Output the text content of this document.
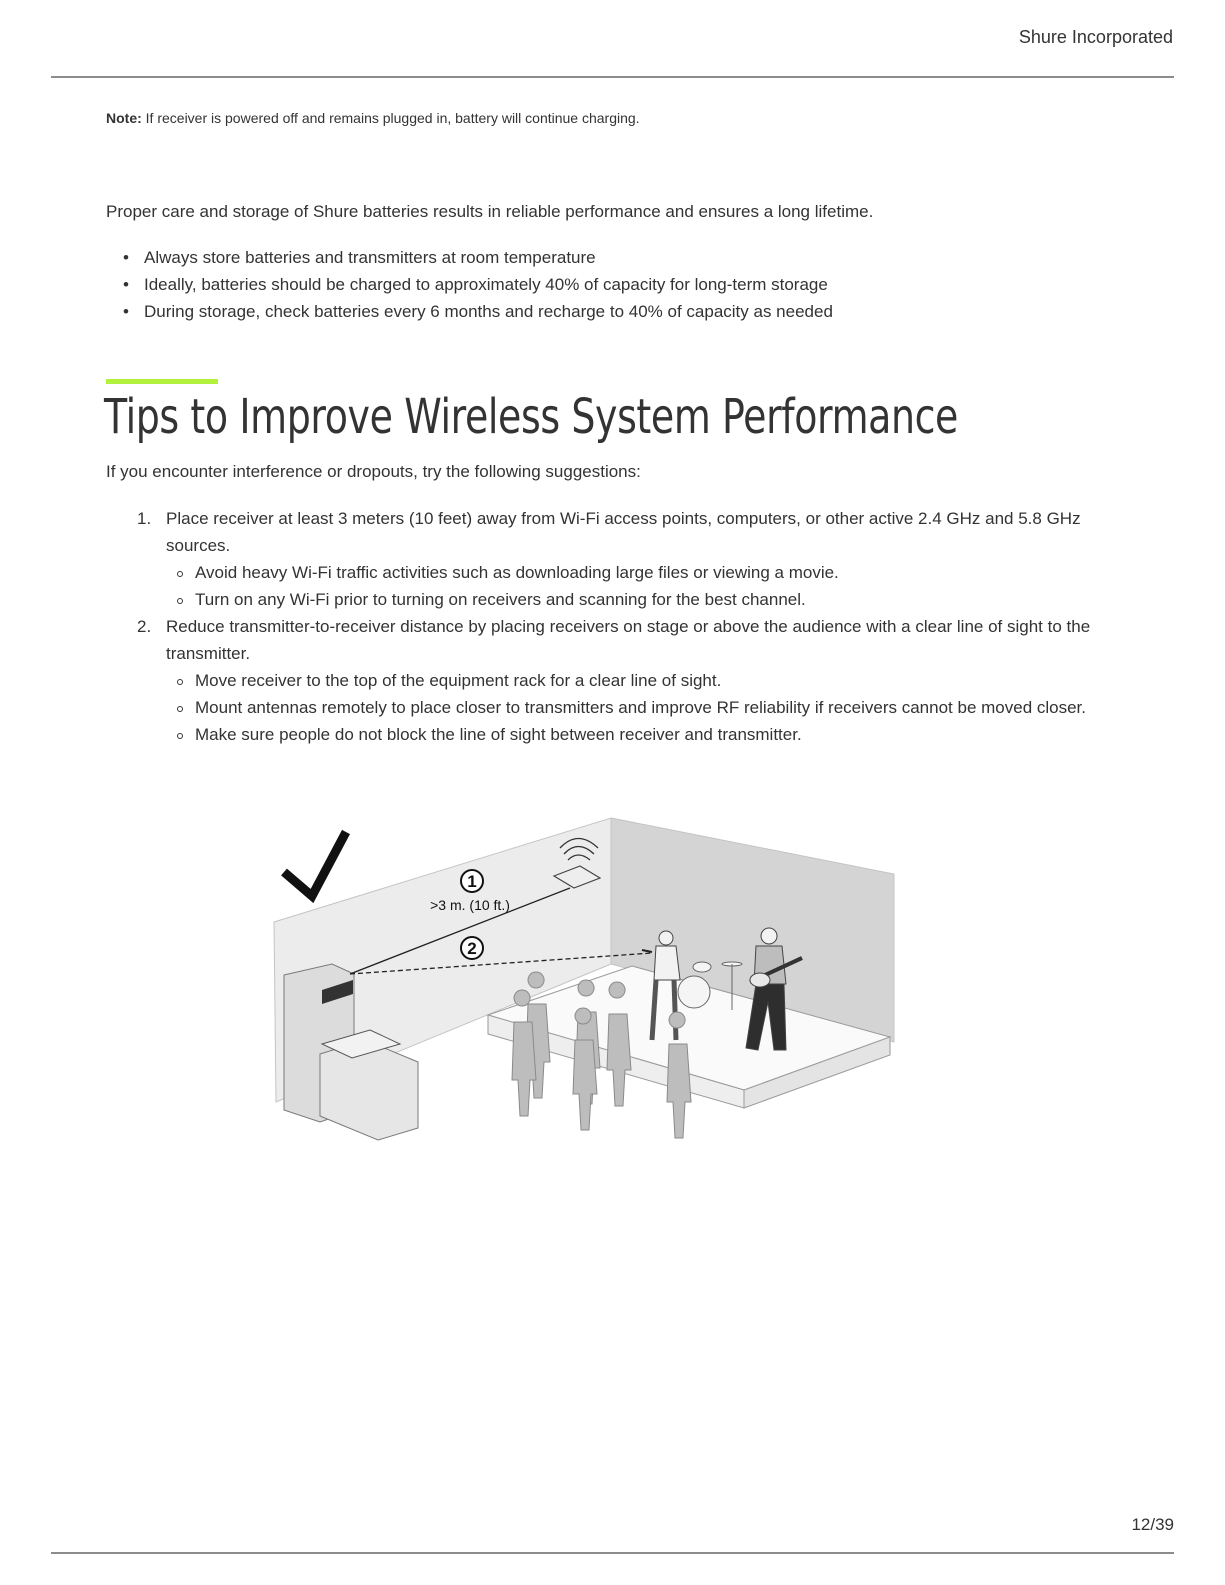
Shure Incorporated
Note: If receiver is powered off and remains plugged in, battery will continue charging.

Proper care and storage of Shure batteries results in reliable performance and ensures a long lifetime.

• Always store batteries and transmitters at room temperature
• Ideally, batteries should be charged to approximately 40% of capacity for long-term storage
• During storage, check batteries every 6 months and recharge to 40% of capacity as needed
Tips to Improve Wireless System Performance

If you encounter interference or dropouts, try the following suggestions:

1. Place receiver at least 3 meters (10 feet) away from Wi-Fi access points, computers, or other active 2.4 GHz and 5.8 GHz sources.
Avoid heavy Wi-Fi traffic activities such as downloading large files or viewing a movie.
Turn on any Wi-Fi prior to turning on receivers and scanning for the best channel.
2. Reduce transmitter-to-receiver distance by placing receivers on stage or above the audience with a clear line of sight to the transmitter.
Move receiver to the top of the equipment rack for a clear line of sight.
Mount antennas remotely to place closer to transmitters and improve RF reliability if receivers cannot be moved closer.
Make sure people do not block the line of sight between receiver and transmitter.
1
>3 m. (10 ft.)
2
12/39
